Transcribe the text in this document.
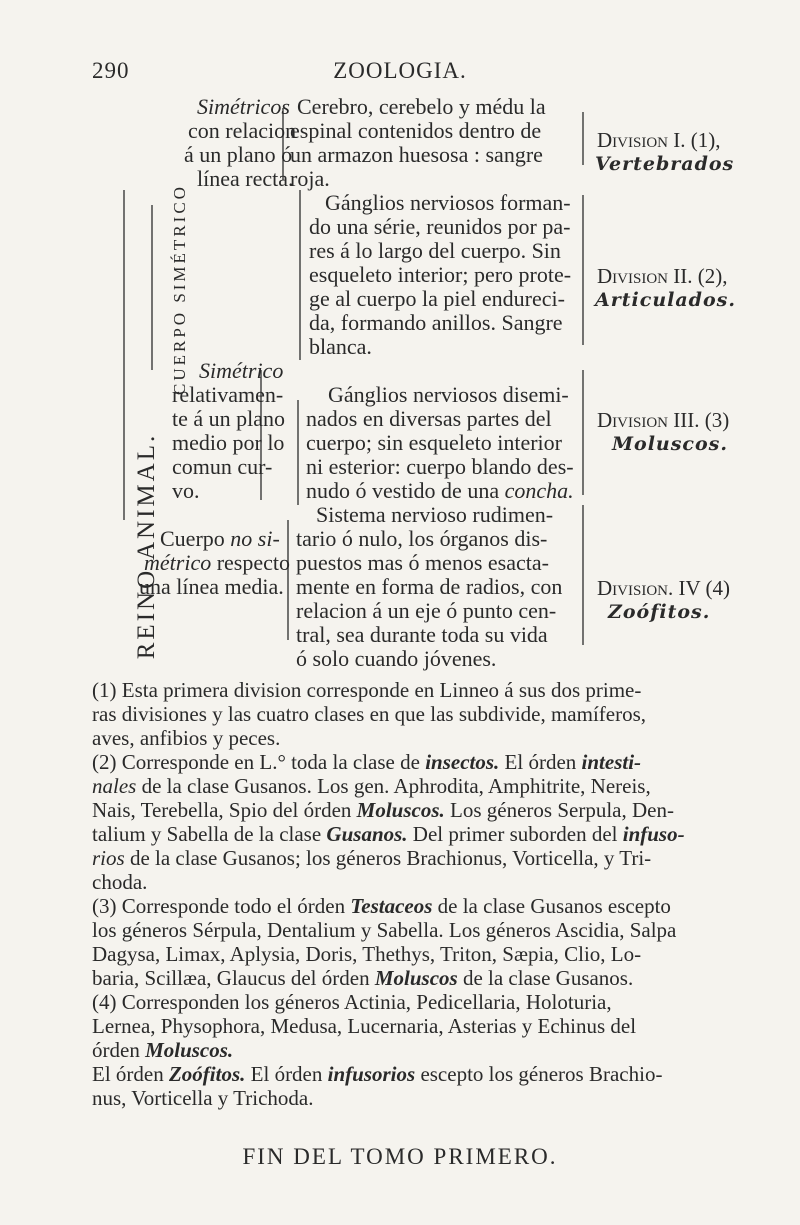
290	ZOOLOGIA.
REINO ANIMAL.
CUERPO SIMÉTRICO
Simétricos
con relacion
á un plano ó
línea recta.
Cerebro, cerebelo y médu la
espinal contenidos dentro de
un armazon huesosa : sangre
roja.
Gánglios nerviosos forman-
do una série, reunidos por pa-
res á lo largo del cuerpo. Sin
esqueleto interior; pero prote-
ge al cuerpo la piel endureci-
da, formando anillos. Sangre
blanca.
Simétrico
relativamen-
te á un plano
medio por lo
comun cur-
vo.
Gánglios nerviosos disemi-
nados en diversas partes del
cuerpo; sin esqueleto interior
ni esterior: cuerpo blando des-
nudo ó vestido de una concha.
Cuerpo no si-
métrico respecto
una línea media.
Sistema nervioso rudimen-
tario ó nulo, los órganos dis-
puestos mas ó menos esacta-
mente en forma de radios, con
relacion á un eje ó punto cen-
tral, sea durante toda su vida
ó solo cuando jóvenes.
Division I. (1),
Vertebrados
Division II. (2),
Articulados.
Division III. (3)
Moluscos.
Division. IV (4)
Zoófitos.
(1) Esta primera division corresponde en Linneo á sus dos prime-
ras divisiones y las cuatro clases en que las subdivide, mamíferos,
aves, anfibios y peces.
(2) Corresponde en L.° toda la clase de insectos. El órden intesti-
nales de la clase Gusanos. Los gen. Aphrodita, Amphitrite, Nereis,
Nais, Terebella, Spio del órden Moluscos. Los géneros Serpula, Den-
talium y Sabella de la clase Gusanos. Del primer suborden del infuso-
rios de la clase Gusanos; los géneros Brachionus, Vorticella, y Tri-
choda.
(3) Corresponde todo el órden Testaceos de la clase Gusanos escepto
los géneros Sérpula, Dentalium y Sabella. Los géneros Ascidia, Salpa
Dagysa, Limax, Aplysia, Doris, Thethys, Triton, Sæpia, Clio, Lo-
baria, Scillæa, Glaucus del órden Moluscos de la clase Gusanos.
(4) Corresponden los géneros Actinia, Pedicellaria, Holoturia,
Lernea, Physophora, Medusa, Lucernaria, Asterias y Echinus del
órden Moluscos.
El órden Zoófitos. El órden infusorios escepto los géneros Brachio-
nus, Vorticella y Trichoda.
FIN DEL TOMO PRIMERO.
